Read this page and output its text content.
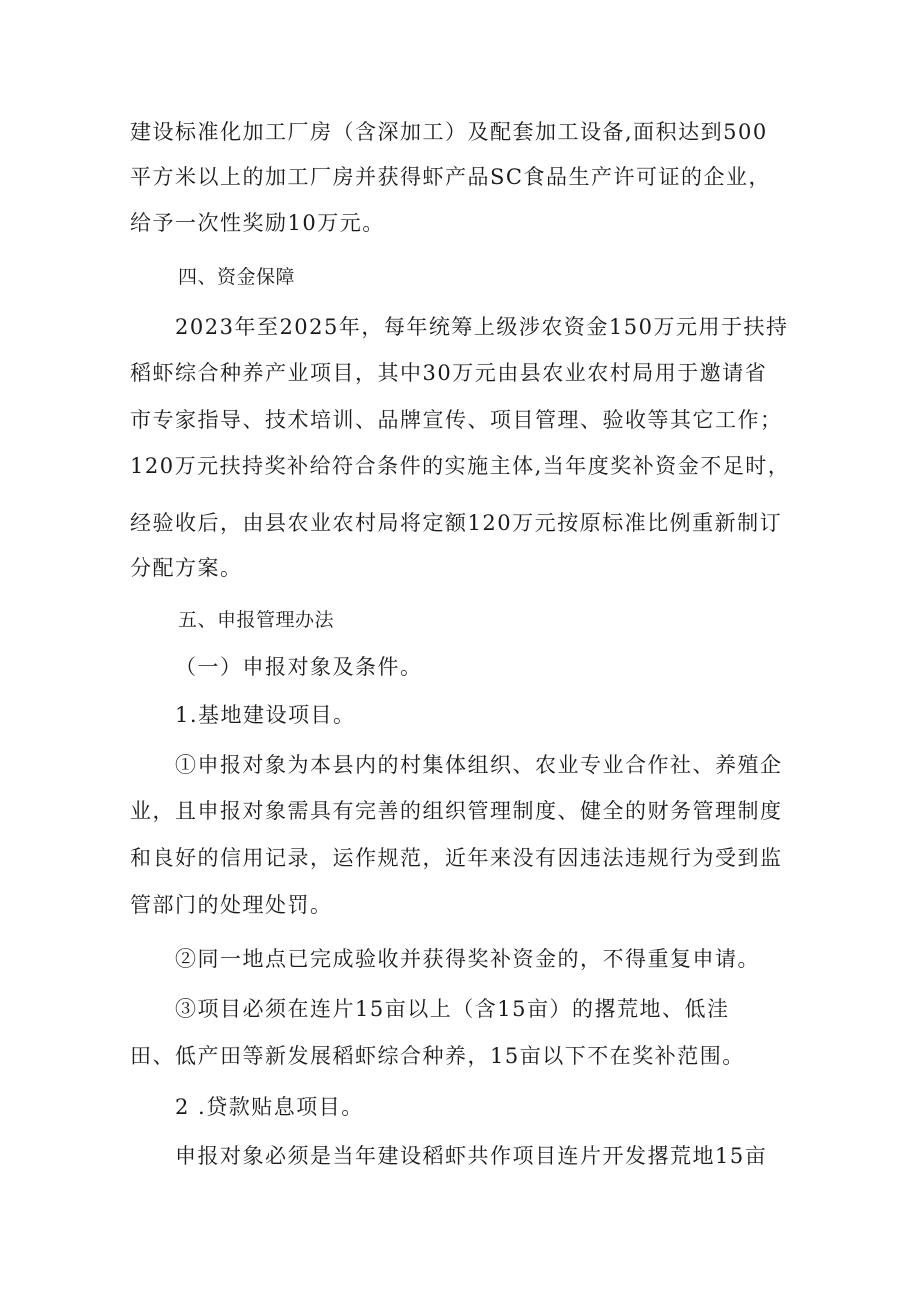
建设标准化加工厂房（含深加工）及配套加工设备,面积达到500
平方米以上的加工厂房并获得虾产品SC食品生产许可证的企业，
给予一次性奖励10万元。
四、资金保障
2023年至2025年，每年统筹上级涉农资金150万元用于扶持
稻虾综合种养产业项目，其中30万元由县农业农村局用于邀请省
市专家指导、技术培训、品牌宣传、项目管理、验收等其它工作；
120万元扶持奖补给符合条件的实施主体,当年度奖补资金不足时，
经验收后，由县农业农村局将定额120万元按原标准比例重新制订
分配方案。
五、申报管理办法
（一）申报对象及条件。
1.基地建设项目。
①申报对象为本县内的村集体组织、农业专业合作社、养殖企
业，且申报对象需具有完善的组织管理制度、健全的财务管理制度
和良好的信用记录，运作规范，近年来没有因违法违规行为受到监
管部门的处理处罚。
②同一地点已完成验收并获得奖补资金的，不得重复申请。
③项目必须在连片15亩以上（含15亩）的撂荒地、低洼
田、低产田等新发展稻虾综合种养，15亩以下不在奖补范围。
2 .贷款贴息项目。
申报对象必须是当年建设稻虾共作项目连片开发撂荒地15亩
